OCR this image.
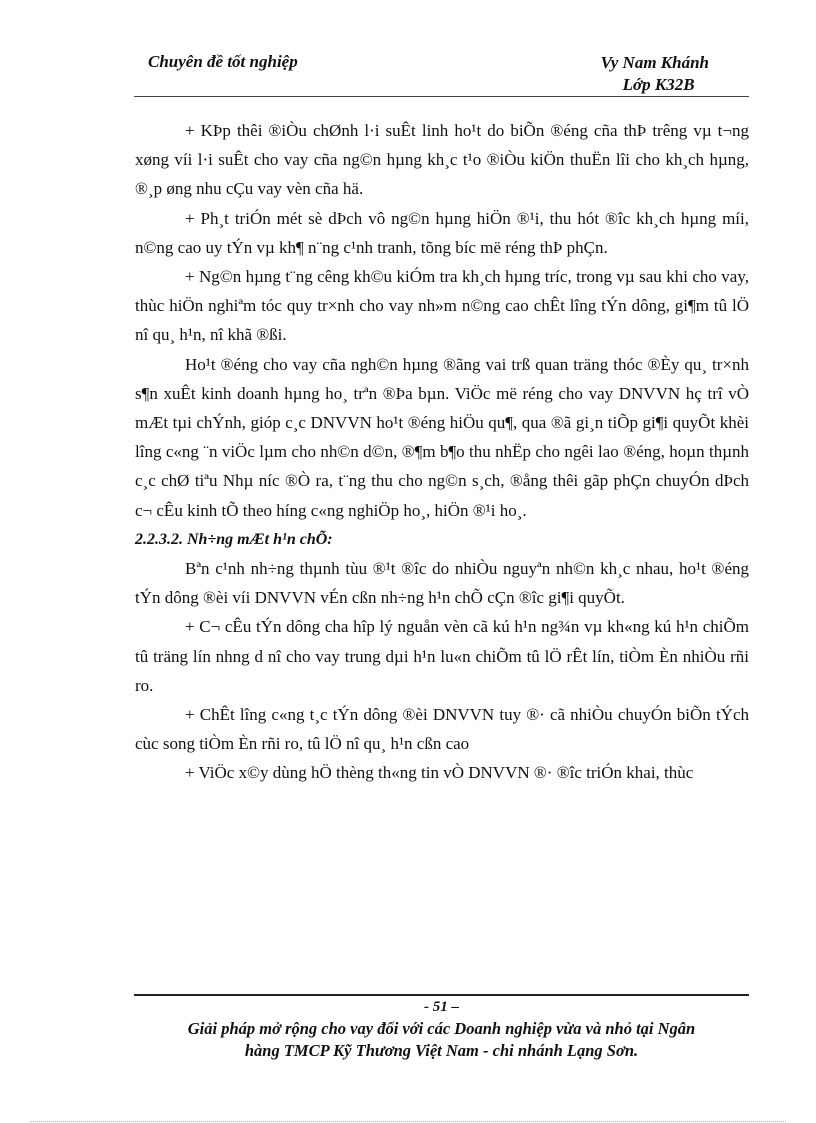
Chuyên đề tốt nghiệp	Vy Nam Khánh
Lớp K32B

+ KÞp thêi ®iÒu chØnh l·i suÊt linh ho¹t do biÕn ®éng cña thÞ trêng vµ t¬ng xøng víi l·i suÊt cho vay cña ng©n hµng kh¸c t¹o ®iÒu kiÖn thuËn lîi cho kh¸ch hµng, ®¸p øng nhu cÇu vay vèn cña hä.

+ Ph¸t triÓn mét sè dÞch vô ng©n hµng hiÖn ®¹i, thu hót ®îc kh¸ch hµng míi, n©ng cao uy tÝn vµ kh¶ n¨ng c¹nh tranh, tõng bíc më réng thÞ phÇn.

+ Ng©n hµng t¨ng cêng kh©u kiÓm tra kh¸ch hµng tríc, trong vµ sau khi cho vay, thùc hiÖn nghiªm tóc quy tr×nh cho vay nh»m n©ng cao chÊt lîng tÝn dông, gi¶m tû lÖ nî qu¸ h¹n, nî khã ®ßi.

Ho¹t ®éng cho vay cña ngh©n hµng ®ãng vai trß quan träng thóc ®Èy qu¸ tr×nh s¶n xuÊt kinh doanh hµng ho¸ trªn ®Þa bµn. ViÖc më réng cho vay DNVVN hç trî vÒ mÆt tµi chÝnh, gióp c¸c DNVVN ho¹t ®éng hiÖu qu¶, qua ®ã gi¸n tiÕp gi¶i quyÕt khèi lîng c«ng ¨n viÖc lµm cho nh©n d©n, ®¶m b¶o thu nhËp cho ngêi lao ®éng, hoµn thµnh c¸c chØ tiªu Nhµ níc ®Ò ra, t¨ng thu cho ng©n s¸ch, ®ång thêi gãp phÇn chuyÓn dÞch c¬ cÊu kinh tÕ theo híng c«ng nghiÖp ho¸, hiÖn ®¹i ho¸.

2.2.3.2. Nh÷ng mÆt h¹n chÕ:

Bªn c¹nh nh÷ng thµnh tùu ®¹t ®îc do nhiÒu nguyªn nh©n kh¸c nhau, ho¹t ®éng tÝn dông ®èi víi DNVVN vÉn cßn nh÷ng h¹n chÕ cÇn ®îc gi¶i quyÕt.

+ C¬ cÊu tÝn dông cha hîp lý nguån vèn cã kú h¹n ng¾n vµ kh«ng kú h¹n chiÕm tû träng lín nhng d nî cho vay trung dµi h¹n lu«n chiÕm tû lÖ rÊt lín, tiÒm Èn nhiÒu rñi ro.

+ ChÊt lîng c«ng t¸c tÝn dông ®èi DNVVN tuy ®· cã nhiÒu chuyÓn biÕn tÝch cùc song tiÒm Èn rñi ro, tû lÖ nî qu¸ h¹n cßn cao

+ ViÖc x©y dùng hÖ thèng th«ng tin vÒ DNVVN ®· ®îc triÓn khai, thùc

- 51 –
Giải pháp mở rộng cho vay đối với các Doanh nghiệp vừa và nhỏ tại Ngân
hàng TMCP Kỹ Thương Việt Nam - chi nhánh Lạng Sơn.
